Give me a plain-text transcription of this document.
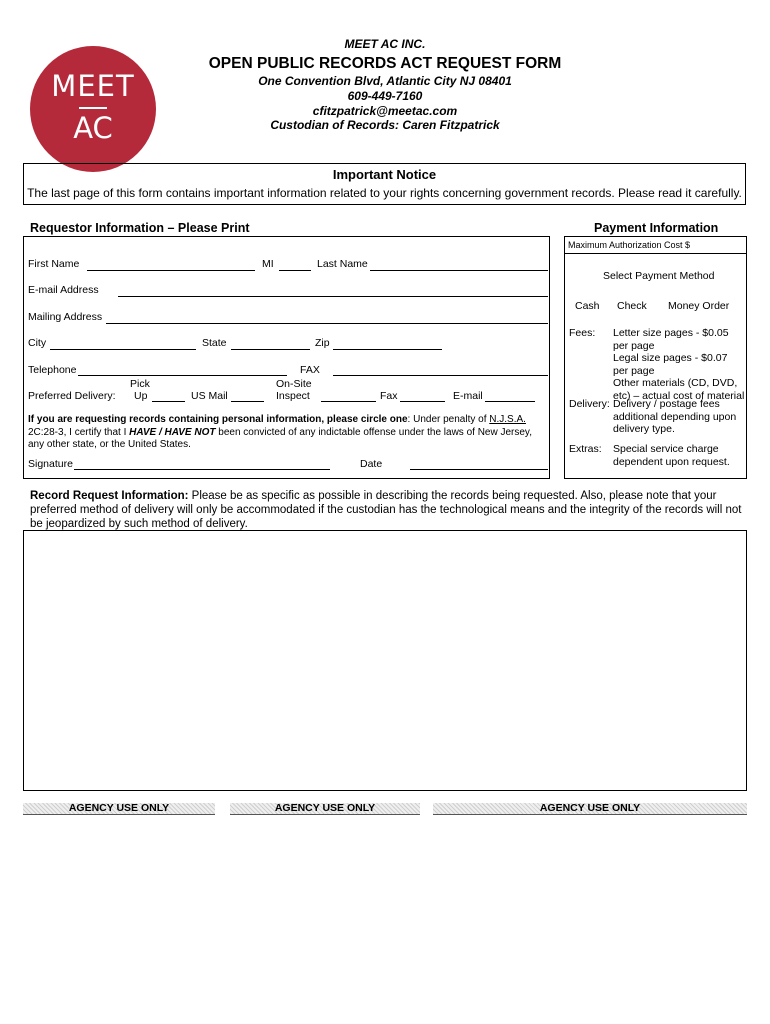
MEET
AC
MEET AC INC.
OPEN PUBLIC RECORDS ACT REQUEST FORM
One Convention Blvd, Atlantic City NJ 08401
609-449-7160
cfitzpatrick@meetac.com
Custodian of Records: Caren Fitzpatrick
Important Notice
The last page of this form contains important information related to your rights concerning government records. Please read it carefully.
Requestor Information – Please Print	Payment Information
First Name	MI	Last Name
E-mail Address
Mailing Address
City	State	Zip
Telephone	FAX
Pick	On-Site
Preferred Delivery: Up	US Mail	Inspect	Fax	E-mail
If you are requesting records containing personal information, please circle one: Under penalty of N.J.S.A. 2C:28-3, I certify that I HAVE / HAVE NOT been convicted of any indictable offense under the laws of New Jersey, any other state, or the United States.
Signature	Date
Maximum Authorization Cost $
Select Payment Method
Cash Check Money Order
Fees: Letter size pages - $0.05
per page
Legal size pages - $0.07
per page
Other materials (CD, DVD,
etc) – actual cost of material
Delivery: Delivery / postage fees
additional depending upon
delivery type.
Extras: Special service charge
dependent upon request.
Record Request Information: Please be as specific as possible in describing the records being requested. Also, please note that your
preferred method of delivery will only be accommodated if the custodian has the technological means and the integrity of the records will not
be jeopardized by such method of delivery.
AGENCY USE ONLY	AGENCY USE ONLY	AGENCY USE ONLY
